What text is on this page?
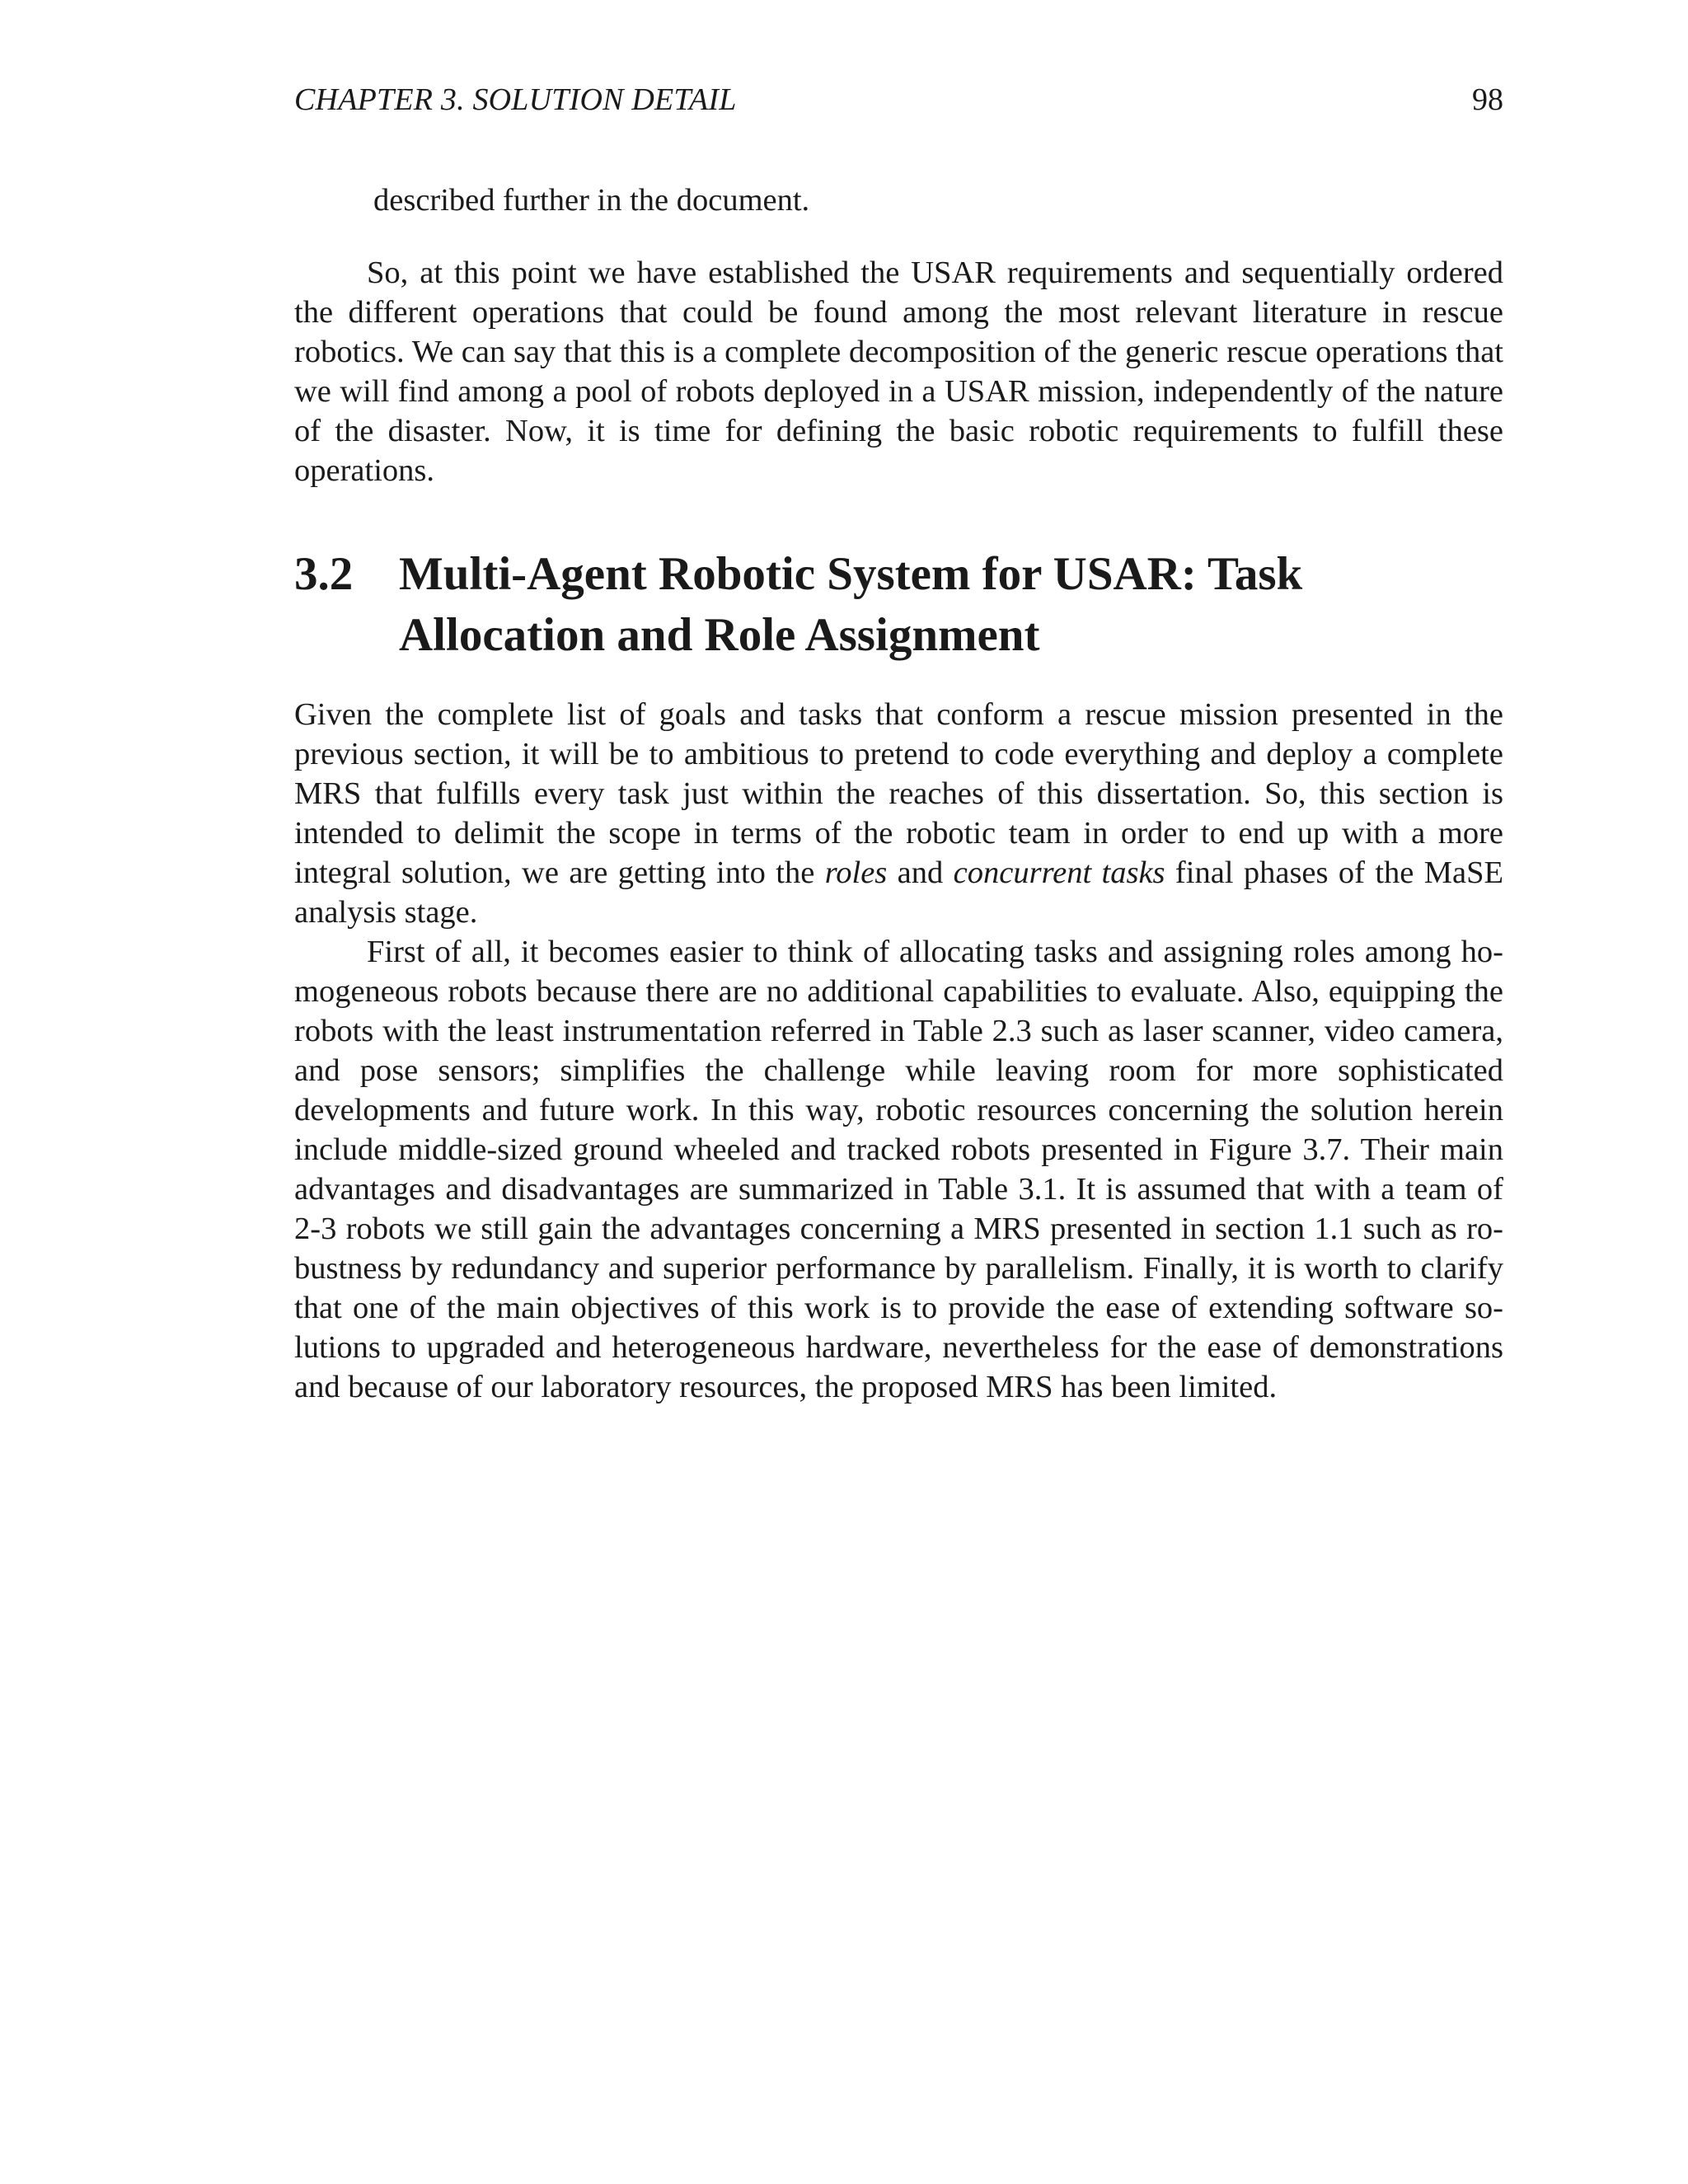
CHAPTER 3. SOLUTION DETAIL	98

described further in the document.

So, at this point we have established the USAR requirements and sequentially ordered the different operations that could be found among the most relevant literature in rescue robotics. We can say that this is a complete decomposition of the generic rescue operations that we will find among a pool of robots deployed in a USAR mission, independently of the nature of the disaster. Now, it is time for defining the basic robotic requirements to fulfill these operations.

3.2 Multi-Agent Robotic System for USAR: Task Allocation and Role Assignment

Given the complete list of goals and tasks that conform a rescue mission presented in the previous section, it will be to ambitious to pretend to code everything and deploy a complete MRS that fulfills every task just within the reaches of this dissertation. So, this section is intended to delimit the scope in terms of the robotic team in order to end up with a more integral solution, we are getting into the roles and concurrent tasks final phases of the MaSE analysis stage.

First of all, it becomes easier to think of allocating tasks and assigning roles among homogeneous robots because there are no additional capabilities to evaluate. Also, equipping the robots with the least instrumentation referred in Table 2.3 such as laser scanner, video camera, and pose sensors; simplifies the challenge while leaving room for more sophisticated developments and future work. In this way, robotic resources concerning the solution herein include middle-sized ground wheeled and tracked robots presented in Figure 3.7. Their main advantages and disadvantages are summarized in Table 3.1. It is assumed that with a team of 2-3 robots we still gain the advantages concerning a MRS presented in section 1.1 such as robustness by redundancy and superior performance by parallelism. Finally, it is worth to clarify that one of the main objectives of this work is to provide the ease of extending software solutions to upgraded and heterogeneous hardware, nevertheless for the ease of demonstrations and because of our laboratory resources, the proposed MRS has been limited.
